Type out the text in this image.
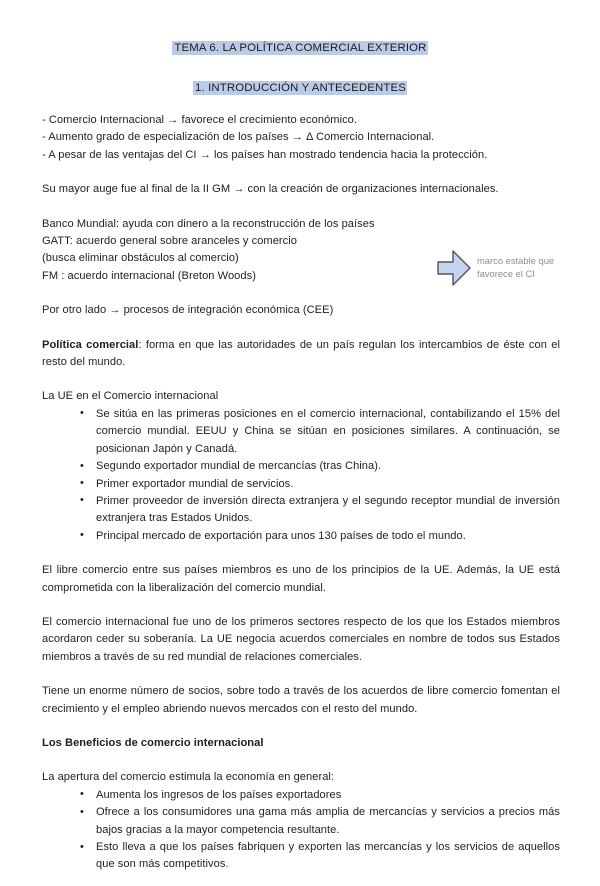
TEMA 6. LA POLÍTICA COMERCIAL EXTERIOR
1. INTRODUCCIÓN Y ANTECEDENTES

- Comercio Internacional → favorece el crecimiento económico.

- Aumento grado de especialización de los países → Δ Comercio Internacional.

- A pesar de las ventajas del CI → los países han mostrado tendencia hacia la protección.

Su mayor auge fue al final de la II GM → con la creación de organizaciones internacionales.

Banco Mundial: ayuda con dinero a la reconstrucción de los países

GATT: acuerdo general sobre aranceles y comercio

(busca eliminar obstáculos al comercio)

FM : acuerdo internacional (Breton Woods)

Por otro lado → procesos de integración económica (CEE)

Política comercial: forma en que las autoridades de un país regulan los intercambios de éste con el resto del mundo.

La UE en el Comercio internacional

• Se sitúa en las primeras posiciones en el comercio internacional, contabilizando el 15% del comercio mundial. EEUU y China se sitúan en posiciones similares. A continuación, se posicionan Japón y Canadá.
• Segundo exportador mundial de mercancías (tras China).
• Primer exportador mundial de servicios.
• Primer proveedor de inversión directa extranjera y el segundo receptor mundial de inversión extranjera tras Estados Unidos.
• Principal mercado de exportación para unos 130 países de todo el mundo.

El libre comercio entre sus países miembros es uno de los principios de la UE. Además, la UE está comprometida con la liberalización del comercio mundial.

El comercio internacional fue uno de los primeros sectores respecto de los que los Estados miembros acordaron ceder su soberanía. La UE negocia acuerdos comerciales en nombre de todos sus Estados miembros a través de su red mundial de relaciones comerciales.

Tiene un enorme número de socios, sobre todo a través de los acuerdos de libre comercio fomentan el crecimiento y el empleo abriendo nuevos mercados con el resto del mundo.

Los Beneficios de comercio internacional

La apertura del comercio estimula la economía en general:

• Aumenta los ingresos de los países exportadores
• Ofrece a los consumidores una gama más amplia de mercancías y servicios a precios más bajos gracias a la mayor competencia resultante.
• Esto lleva a que los países fabriquen y exporten las mercancías y los servicios de aquellos que son más competitivos.
marco estable que
favorece el CI
